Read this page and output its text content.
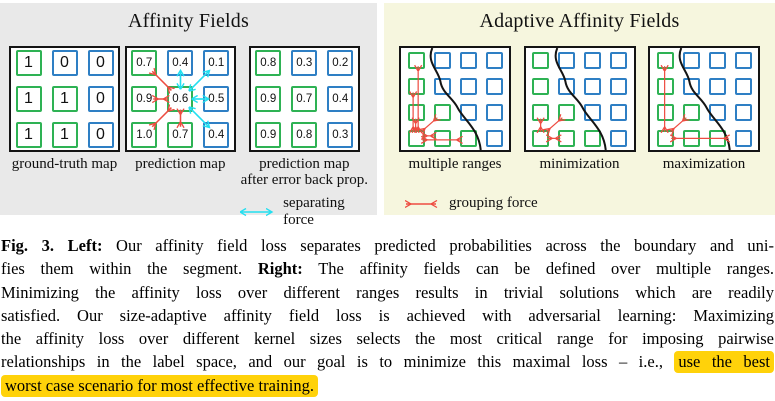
Affinity Fields
1	0	0
1	1	0
1	1	0
ground-truth map
0.7	0.4	0.1
0.9	0.6	0.5
1.0	0.7	0.4
prediction map
0.8	0.3	0.2
0.9	0.7	0.4
0.9	0.8	0.3
prediction map
after error back prop.
separating force
Adaptive Affinity Fields
multiple ranges	minimization	maximization
grouping force
Fig. 3. Left: Our affinity field loss separates predicted probabilities across the boundary and uni-
fies them within the segment. Right: The affinity fields can be defined over multiple ranges.
Minimizing the affinity loss over different ranges results in trivial solutions which are readily
satisfied. Our size-adaptive affinity field loss is achieved with adversarial learning: Maximizing
the affinity loss over different kernel sizes selects the most critical range for imposing pairwise
relationships in the label space, and our goal is to minimize this maximal loss – i.e., use the best
worst case scenario for most effective training.
